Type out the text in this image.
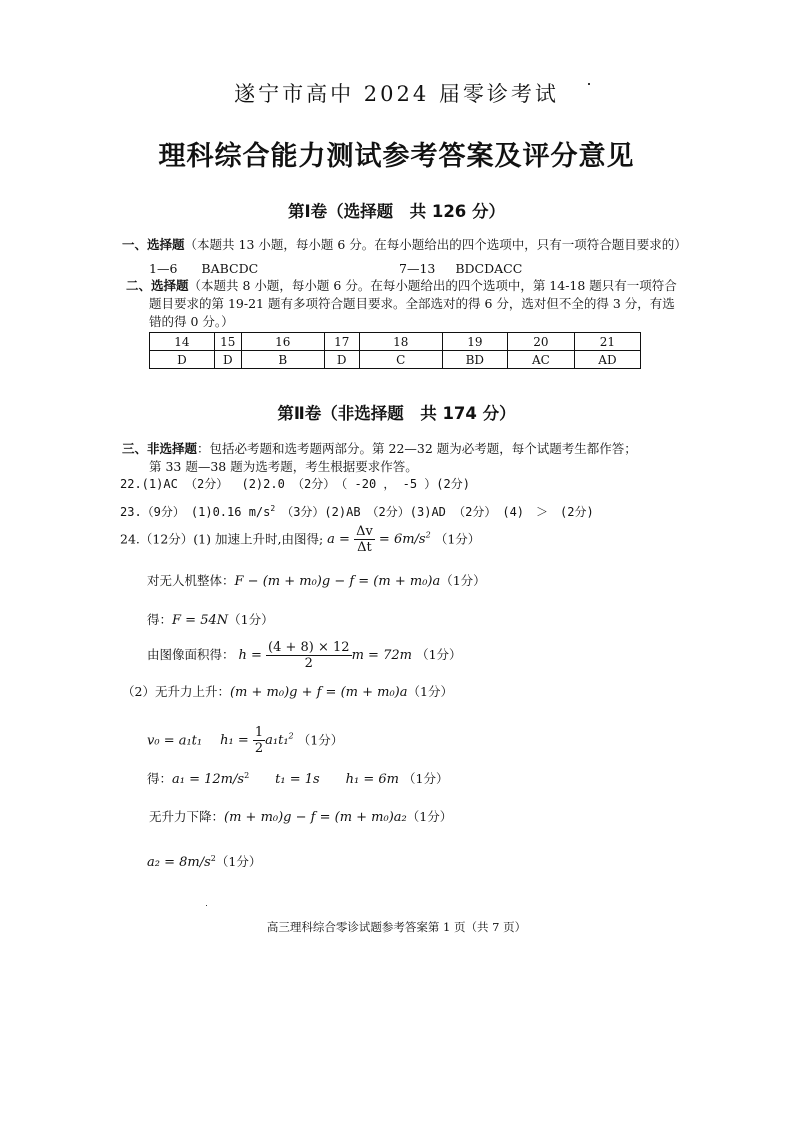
遂宁市高中 2024 届零诊考试
理科综合能力测试参考答案及评分意见
第Ⅰ卷（选择题　共 126 分）
一、选择题（本题共 13 小题，每小题 6 分。在每小题给出的四个选项中，只有一项符合题目要求的）
1—6 BABCDC	7—13 BDCDACC
二、选择题（本题共 8 小题，每小题 6 分。在每小题给出的四个选项中，第 14-18 题只有一项符合
题目要求的第 19-21 题有多项符合题目要求。全部选对的得 6 分，选对但不全的得 3 分，有选
错的得 0 分。）
14	15	16	17	18	19	20	21
D	D	B	D	C	BD	AC	AD
第Ⅱ卷（非选择题　共 174 分）
三、非选择题：包括必考题和选考题两部分。第 22—32 题为必考题，每个试题考生都作答；
第 33 题—38 题为选考题，考生根据要求作答。
22.(1)AC （2分）　 (2)2.0 （2分）　（ -20 ， -5 ）(2分)
23.（9分）　(1)0.16 $m/s^2$　（3分）(2)AB　（2分）(3)AD （2分）　(4)　＞　(2分)
24.（12分）(1) 加速上升时,由图得; $a = \frac{\Delta v}{\Delta t} = 6m/s^2$ （1分）
对无人机整体：F − (m + m₀)g − f = (m + m₀)a（1分）
得：F = 54N（1分）
由图像面积得： $h = \frac{(4 + 8) \times 12}{2}$ m = 72m （1分）
（2）无升力上升：(m + m₀)g + f = (m + m₀)a（1分）
v₀ = a₁t₁ $h_1 = \frac{1}{2} a_1t_1^2$ （1分）
得：$a_1 = 12m/s^2$ t₁ = 1s h₁ = 6m （1分）
无升力下降：(m + m₀)g − f = (m + m₀)a₂（1分）
$a_2 = 8m/s^2(1$分）
高三理科综合零诊试题参考答案第 1 页（共 7 页）
